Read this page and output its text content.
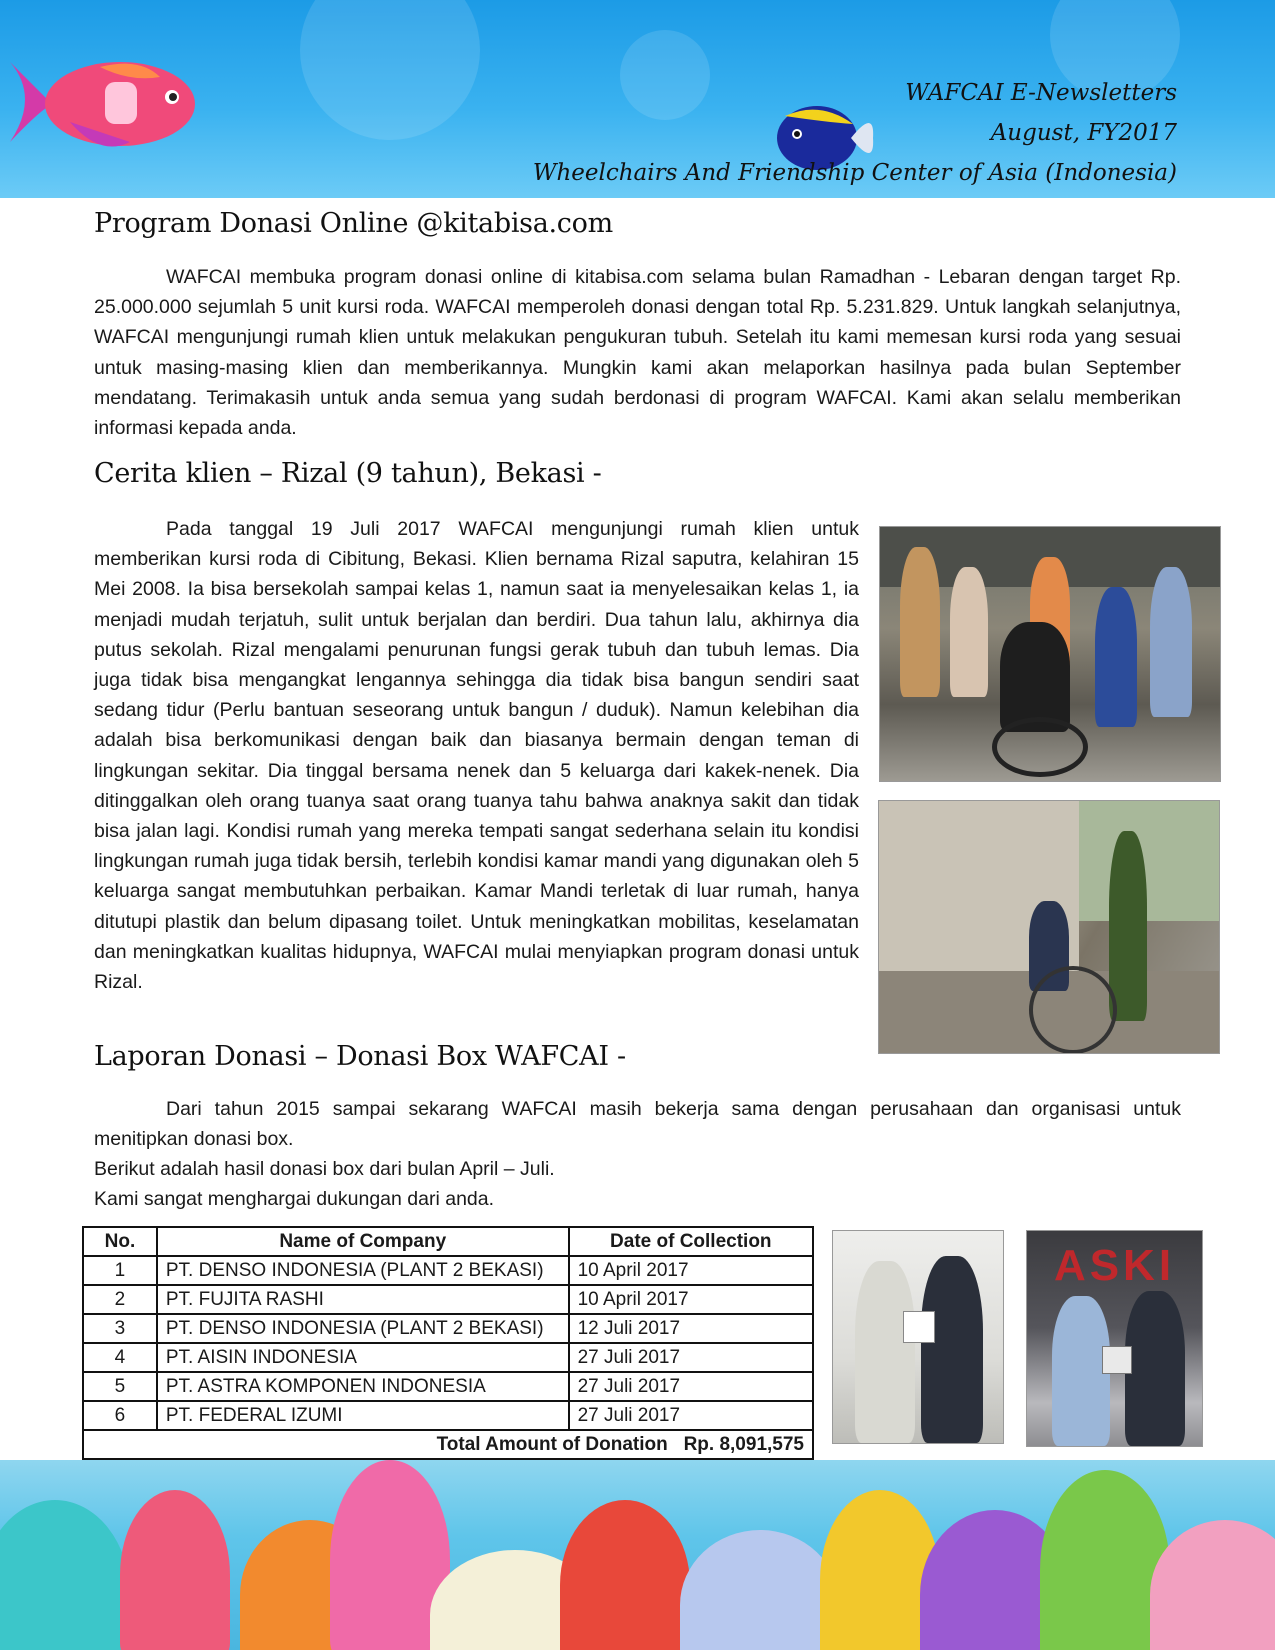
WAFCAI E-Newsletters
August, FY2017
Wheelchairs And Friendship Center of Asia (Indonesia)
Program Donasi Online @kitabisa.com

WAFCAI membuka program donasi online di kitabisa.com selama bulan Ramadhan - Lebaran dengan target Rp. 25.000.000 sejumlah 5 unit kursi roda. WAFCAI memperoleh donasi dengan total Rp. 5.231.829. Untuk langkah selanjutnya, WAFCAI mengunjungi rumah klien untuk melakukan pengukuran tubuh. Setelah itu kami memesan kursi roda yang sesuai untuk masing-masing klien dan memberikannya. Mungkin kami akan melaporkan hasilnya pada bulan September mendatang. Terimakasih untuk anda semua yang sudah berdonasi di program WAFCAI. Kami akan selalu memberikan informasi kepada anda.

Cerita klien – Rizal (9 tahun), Bekasi -

Pada tanggal 19 Juli 2017 WAFCAI mengunjungi rumah klien untuk memberikan kursi roda di Cibitung, Bekasi. Klien bernama Rizal saputra, kelahiran 15 Mei 2008. Ia bisa bersekolah sampai kelas 1, namun saat ia menyelesaikan kelas 1, ia menjadi mudah terjatuh, sulit untuk berjalan dan berdiri. Dua tahun lalu, akhirnya dia putus sekolah. Rizal mengalami penurunan fungsi gerak tubuh dan tubuh lemas. Dia juga tidak bisa mengangkat lengannya sehingga dia tidak bisa bangun sendiri saat sedang tidur (Perlu bantuan seseorang untuk bangun / duduk). Namun kelebihan dia adalah bisa berkomunikasi dengan baik dan biasanya bermain dengan teman di lingkungan sekitar. Dia tinggal bersama nenek dan 5 keluarga dari kakek-nenek. Dia ditinggalkan oleh orang tuanya saat orang tuanya tahu bahwa anaknya sakit dan tidak bisa jalan lagi. Kondisi rumah yang mereka tempati sangat sederhana selain itu kondisi lingkungan rumah juga tidak bersih, terlebih kondisi kamar mandi yang digunakan oleh 5 keluarga sangat membutuhkan perbaikan. Kamar Mandi terletak di luar rumah, hanya ditutupi plastik dan belum dipasang toilet. Untuk meningkatkan mobilitas, keselamatan dan meningkatkan kualitas hidupnya, WAFCAI mulai menyiapkan program donasi untuk Rizal.

Laporan Donasi – Donasi Box WAFCAI -

Dari tahun 2015 sampai sekarang WAFCAI masih bekerja sama dengan perusahaan dan organisasi untuk menitipkan donasi box.

Berikut adalah hasil donasi box dari bulan April – Juli.

Kami sangat menghargai dukungan dari anda.

No.	Name of Company	Date of Collection
1	PT. DENSO INDONESIA (PLANT 2 BEKASI)	10 April 2017
2	PT. FUJITA RASHI	10 April 2017
3	PT. DENSO INDONESIA (PLANT 2 BEKASI)	12 Juli 2017
4	PT. AISIN INDONESIA	27 Juli 2017
5	PT. ASTRA KOMPONEN INDONESIA	27 Juli 2017
6	PT. FEDERAL IZUMI	27 Juli 2017
Total Amount of Donation Rp. 8,091,575		
ASKI
